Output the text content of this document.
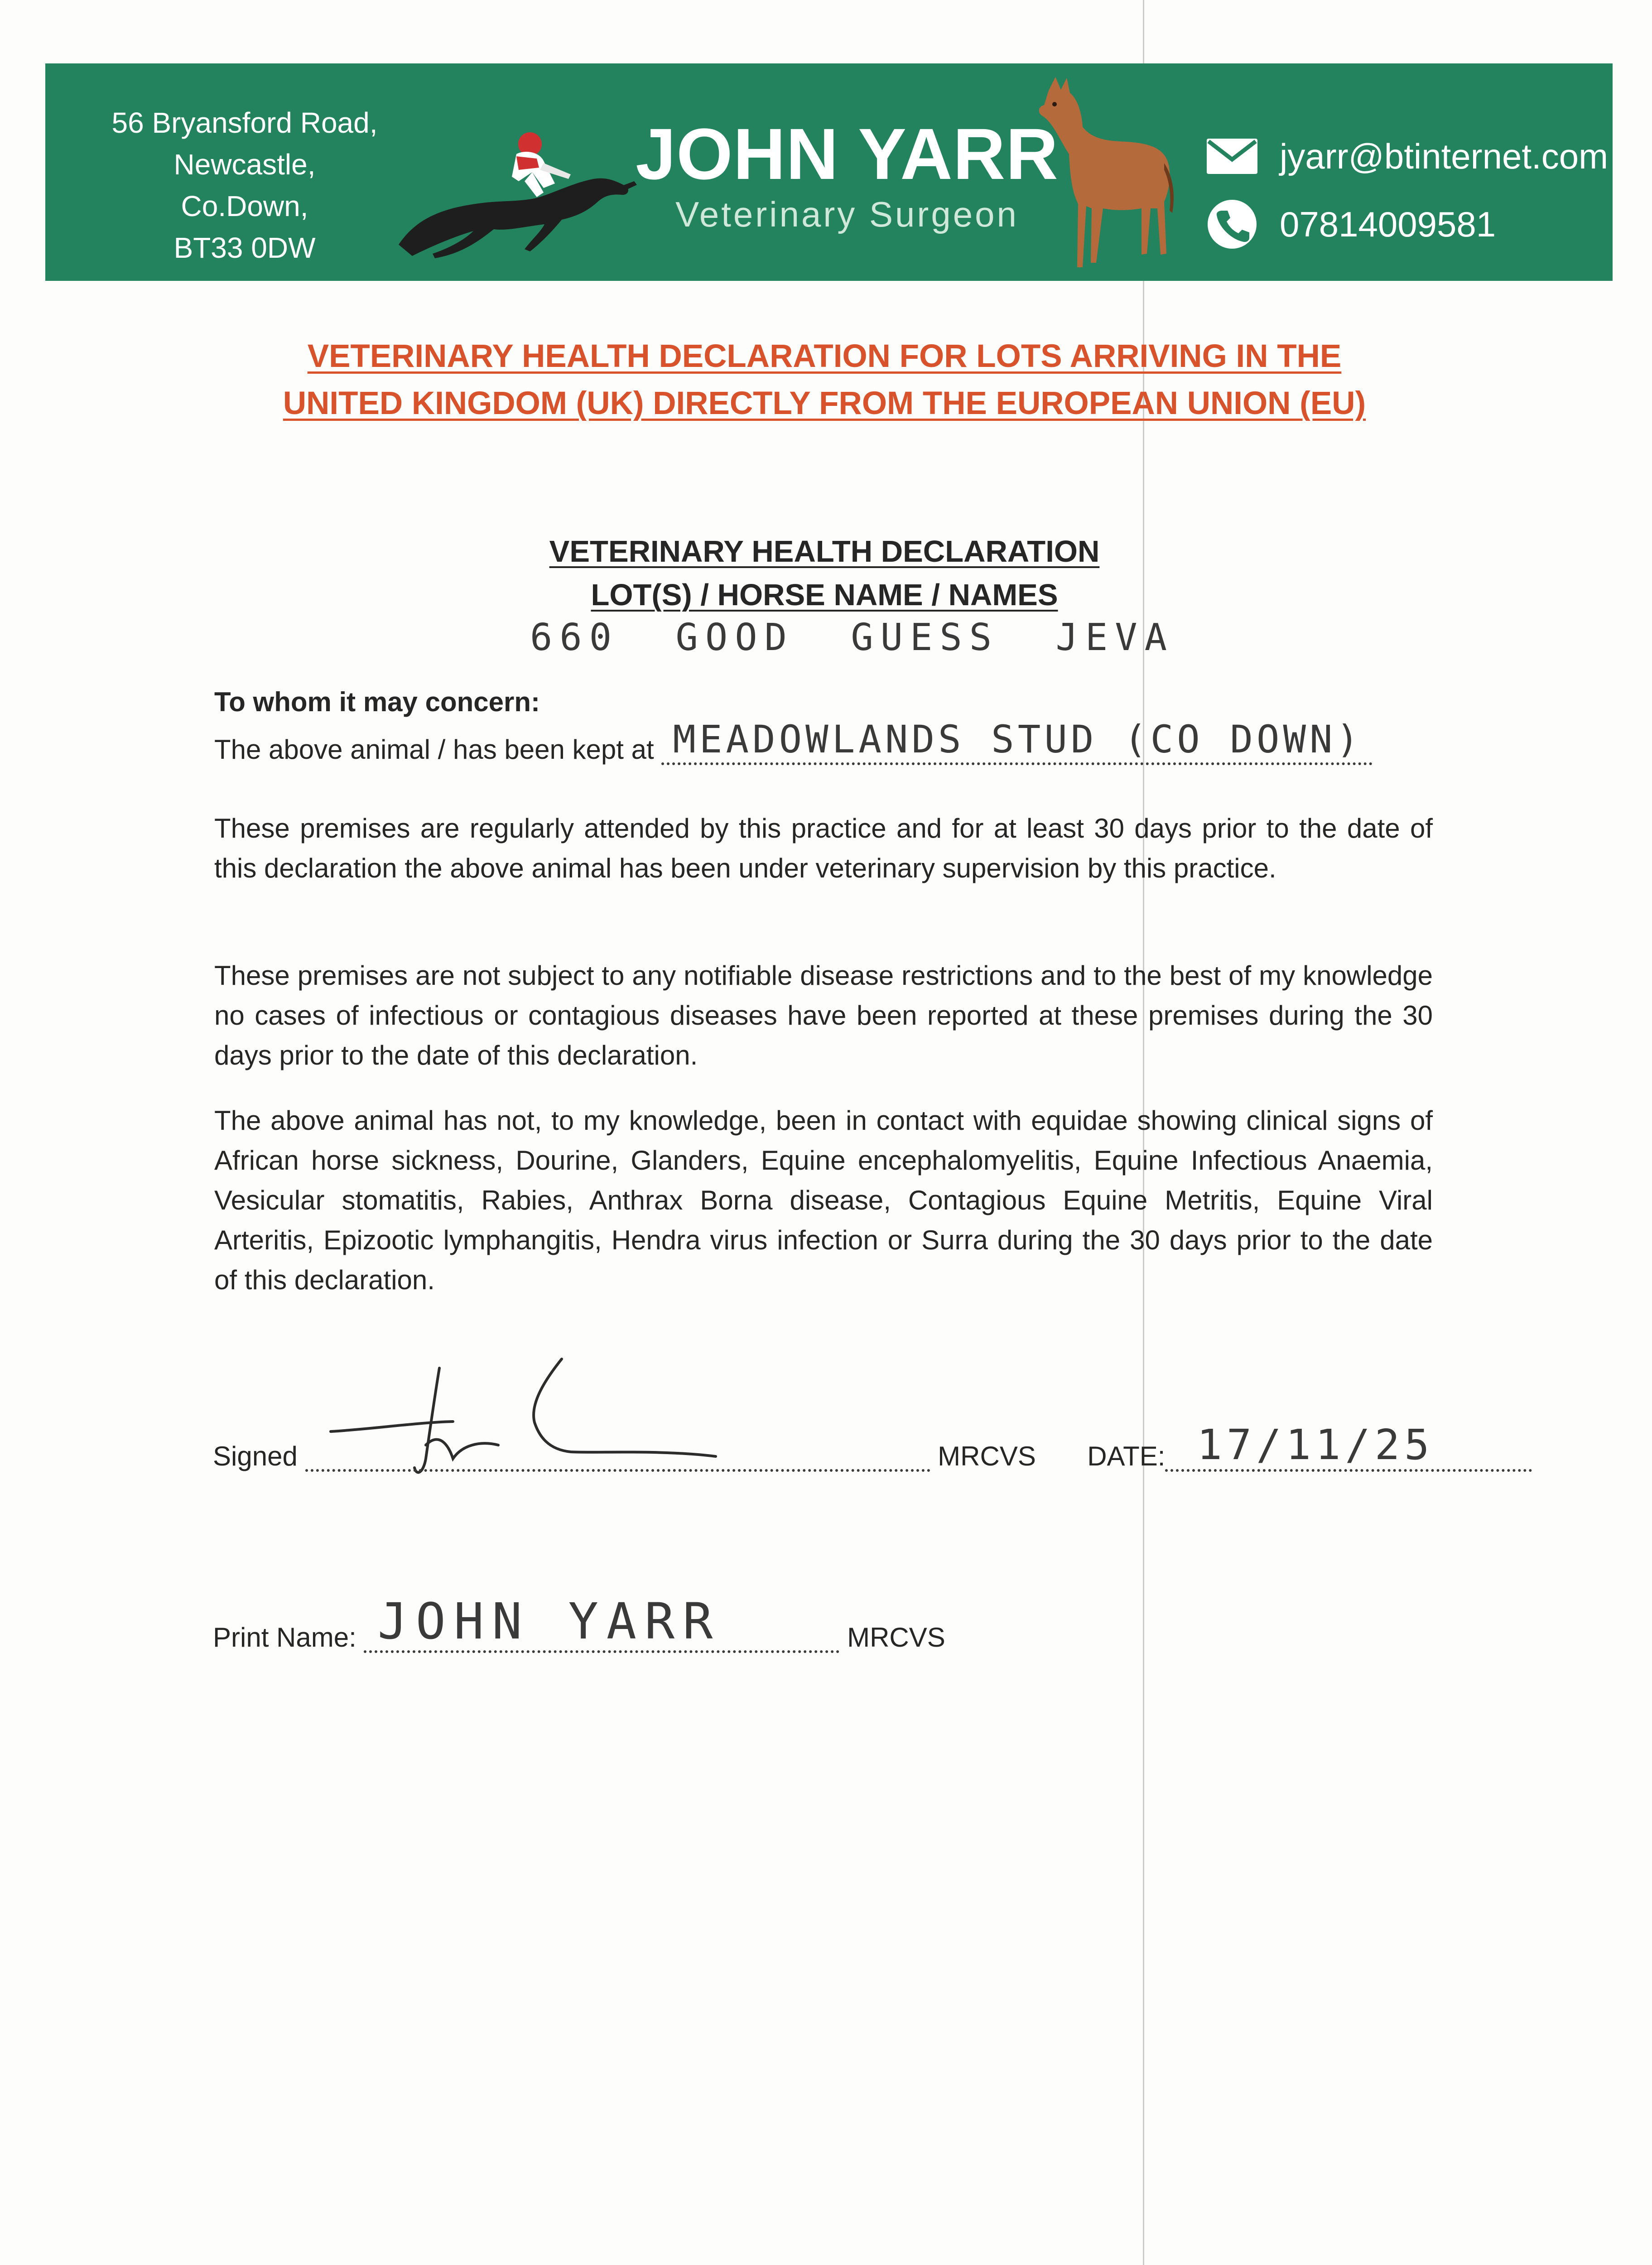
56 Bryansford Road,
Newcastle,
Co.Down,
BT33 0DW
JOHN YARR
Veterinary Surgeon
jyarr@btinternet.com
07814009581
VETERINARY HEALTH DECLARATION FOR LOTS ARRIVING IN THE
UNITED KINGDOM (UK) DIRECTLY FROM THE EUROPEAN UNION (EU)
VETERINARY HEALTH DECLARATION
LOT(S) / HORSE NAME / NAMES
660 GOOD GUESS JEVA
To whom it may concern:
The above animal / has been kept at MEADOWLANDS STUD (CO DOWN)
These premises are regularly attended by this practice and for at least 30 days prior to the date of this declaration the above animal has been under veterinary supervision by this practice.
These premises are not subject to any notifiable disease restrictions and to the best of my knowledge no cases of infectious or contagious diseases have been reported at these premises during the 30 days prior to the date of this declaration.
The above animal has not, to my knowledge, been in contact with equidae showing clinical signs of African horse sickness, Dourine, Glanders, Equine encephalomyelitis, Equine Infectious Anaemia, Vesicular stomatitis, Rabies, Anthrax Borna disease, Contagious Equine Metritis, Equine Viral Arteritis, Epizootic lymphangitis, Hendra virus infection or Surra during the 30 days prior to the date of this declaration.
Signed	MRCVS DATE: 17/11/25
Print Name: JOHN YARR	MRCVS
